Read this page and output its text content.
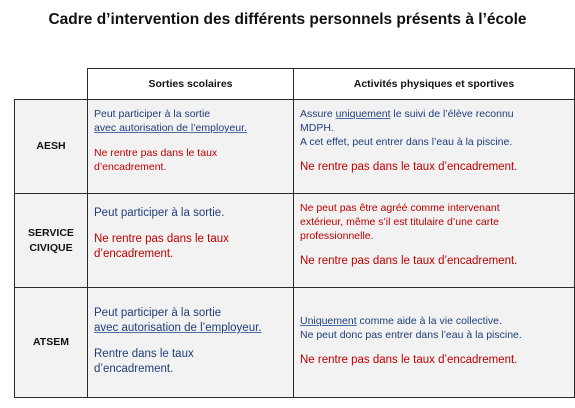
Cadre d’intervention des différents personnels présents à l’école
	Sorties scolaires	Activités physiques et sportives
AESH	Peut participer à la sortie
avec autorisation de l’employeur.
Ne rentre pas dans le taux
d’encadrement.	Assure uniquement le suivi de l’élève reconnu
MDPH.
A cet effet, peut entrer dans l’eau à la piscine.
Ne rentre pas dans le taux d’encadrement.

SERVICE
CIVIQUE	Peut participer à la sortie.
Ne rentre pas dans le taux
d’encadrement.	Ne peut pas être agréé comme intervenant
extérieur, même s’il est titulaire d’une carte
professionnelle.
Ne rentre pas dans le taux d’encadrement.

ATSEM	Peut participer à la sortie
avec autorisation de l’employeur.
Rentre dans le taux
d’encadrement.	Uniquement comme aide à la vie collective.
Ne peut donc pas entrer dans l’eau à la piscine.
Ne rentre pas dans le taux d’encadrement.
